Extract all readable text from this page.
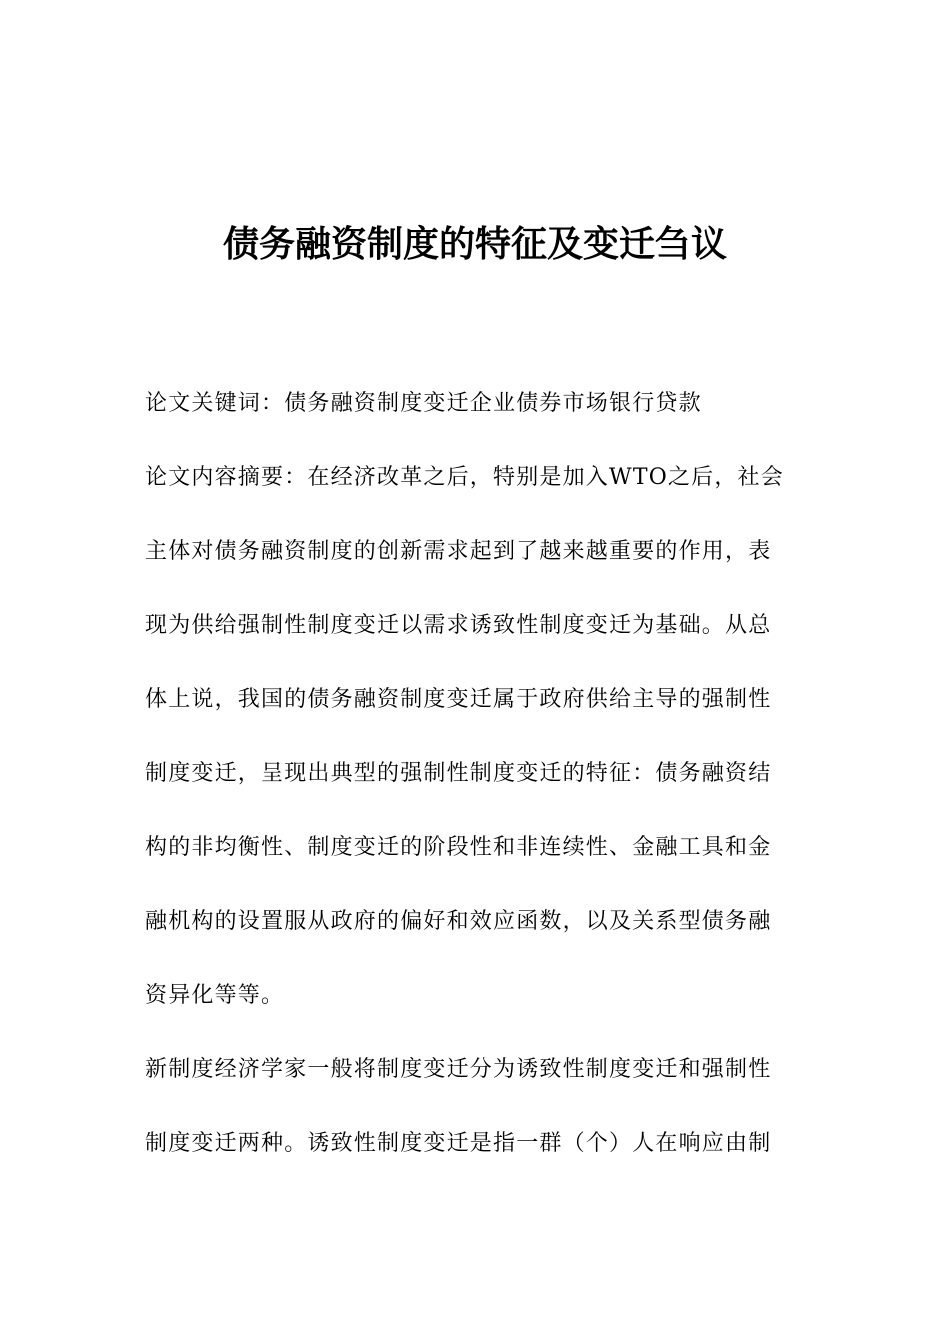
债务融资制度的特征及变迁刍议
论文关键词：债务融资制度变迁企业债券市场银行贷款
论文内容摘要：在经济改革之后，特别是加入WTO之后，社会
主体对债务融资制度的创新需求起到了越来越重要的作用，表
现为供给强制性制度变迁以需求诱致性制度变迁为基础。从总
体上说，我国的债务融资制度变迁属于政府供给主导的强制性
制度变迁，呈现出典型的强制性制度变迁的特征：债务融资结
构的非均衡性、制度变迁的阶段性和非连续性、金融工具和金
融机构的设置服从政府的偏好和效应函数，以及关系型债务融
资异化等等。
新制度经济学家一般将制度变迁分为诱致性制度变迁和强制性
制度变迁两种。诱致性制度变迁是指一群（个）人在响应由制
